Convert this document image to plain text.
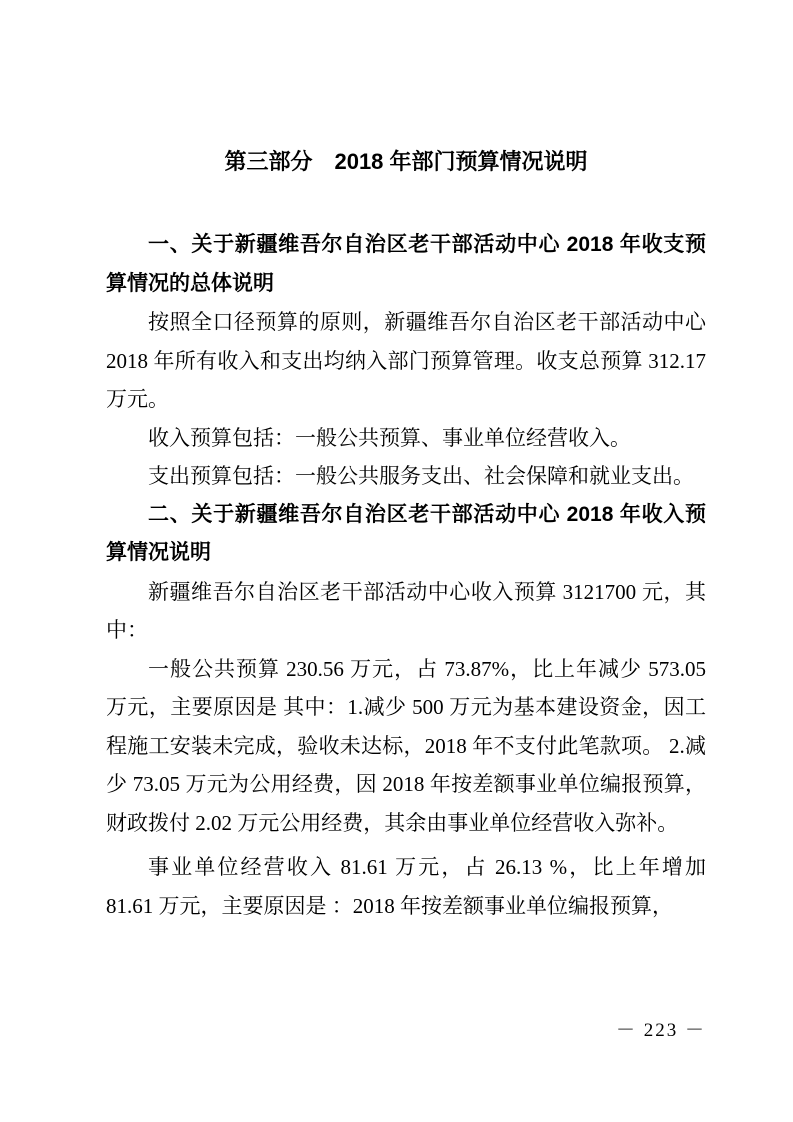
第三部分　2018 年部门预算情况说明
一、关于新疆维吾尔自治区老干部活动中心 2018 年收支预算情况的总体说明

按照全口径预算的原则，新疆维吾尔自治区老干部活动中心 2018 年所有收入和支出均纳入部门预算管理。收支总预算 312.17 万元。

收入预算包括：一般公共预算、事业单位经营收入。

支出预算包括：一般公共服务支出、社会保障和就业支出。

二、关于新疆维吾尔自治区老干部活动中心 2018 年收入预算情况说明

新疆维吾尔自治区老干部活动中心收入预算 3121700 元，其中：

一般公共预算 230.56 万元，占 73.87%，比上年减少 573.05 万元，主要原因是 其中：1.减少 500 万元为基本建设资金，因工程施工安装未完成，验收未达标，2018 年不支付此笔款项。 2.减少 73.05 万元为公用经费，因 2018 年按差额事业单位编报预算，财政拨付 2.02 万元公用经费，其余由事业单位经营收入弥补。

事业单位经营收入 81.61 万元，占 26.13 %，比上年增加 81.61 万元，主要原因是 ：2018 年按差额事业单位编报预算，

－ 223 －
